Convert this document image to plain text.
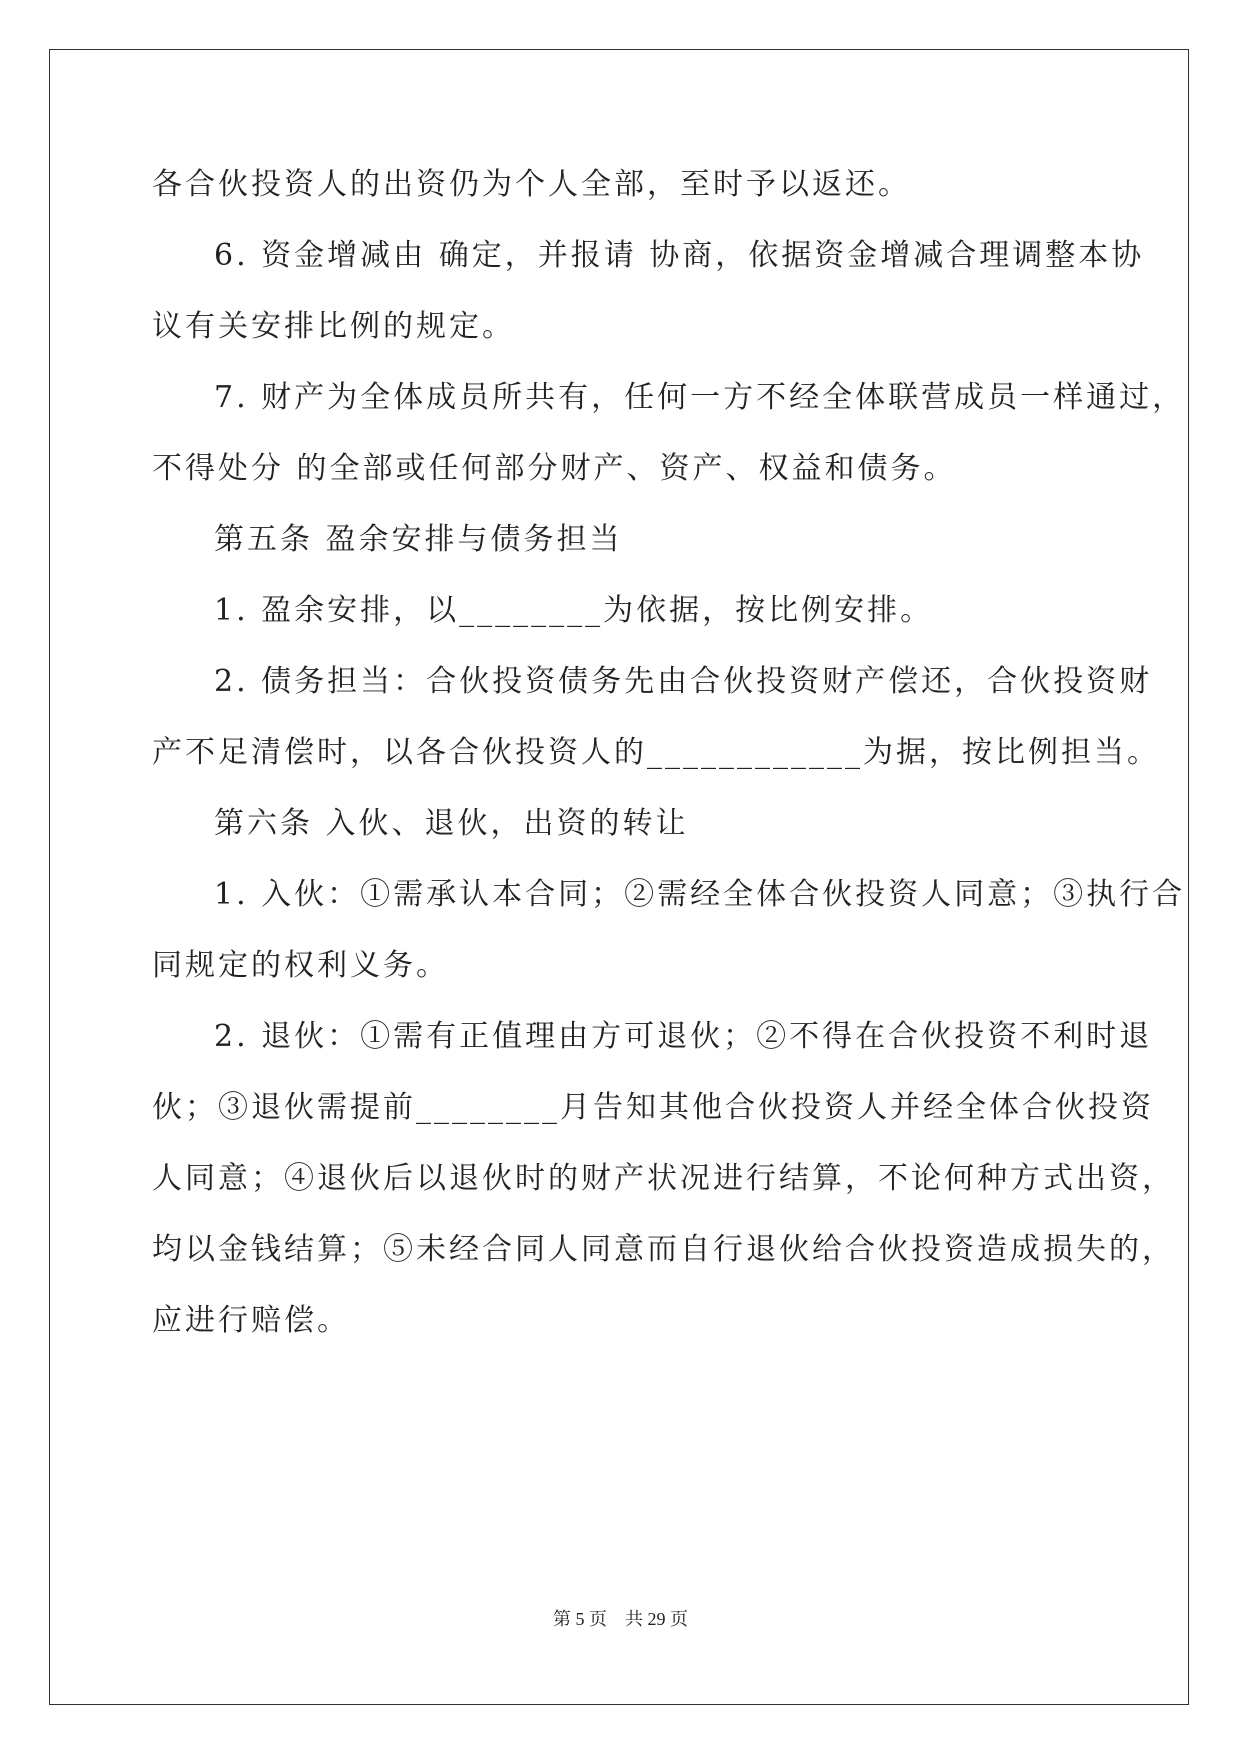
各合伙投资人的出资仍为个人全部，至时予以返还。
6. 资金增减由 确定，并报请 协商，依据资金增减合理调整本协
议有关安排比例的规定。
7. 财产为全体成员所共有，任何一方不经全体联营成员一样通过，
不得处分 的全部或任何部分财产、资产、权益和债务。
第五条 盈余安排与债务担当
1. 盈余安排，以________为依据，按比例安排。
2. 债务担当：合伙投资债务先由合伙投资财产偿还，合伙投资财
产不足清偿时，以各合伙投资人的____________为据，按比例担当。
第六条 入伙、退伙，出资的转让
1. 入伙：①需承认本合同；②需经全体合伙投资人同意；③执行合
同规定的权利义务。
2. 退伙：①需有正值理由方可退伙；②不得在合伙投资不利时退
伙；③退伙需提前________月告知其他合伙投资人并经全体合伙投资
人同意；④退伙后以退伙时的财产状况进行结算，不论何种方式出资，
均以金钱结算；⑤未经合同人同意而自行退伙给合伙投资造成损失的，
应进行赔偿。
第 5 页    共 29 页
